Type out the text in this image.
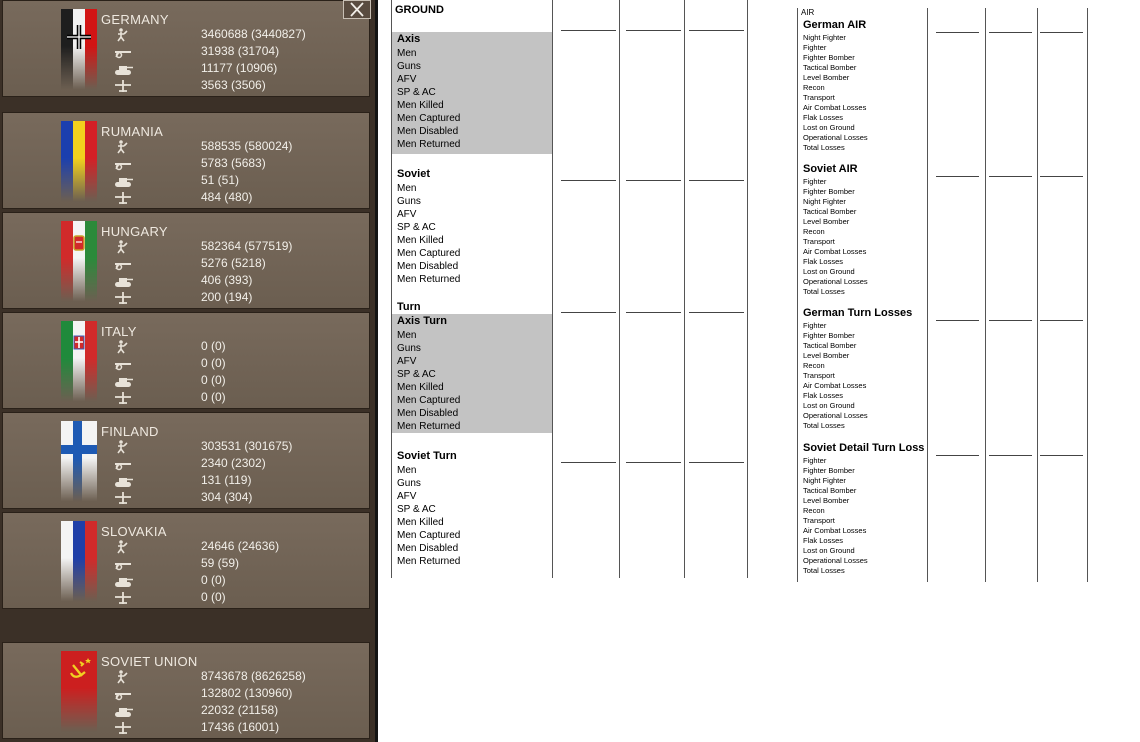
GERMANY
3460688 (3440827)
31938 (31704)
11177 (10906)
3563 (3506)
RUMANIA
588535 (580024)
5783 (5683)
51 (51)
484 (480)
HUNGARY
582364 (577519)
5276 (5218)
406 (393)
200 (194)
ITALY
0 (0)
0 (0)
0 (0)
0 (0)
FINLAND
303531 (301675)
2340 (2302)
131 (119)
304 (304)
SLOVAKIA
24646 (24636)
59 (59)
0 (0)
0 (0)
SOVIET UNION
8743678 (8626258)
132802 (130960)
22032 (21158)
17436 (16001)
GROUND
Axis
Men
Guns
AFV
SP & AC
Men Killed
Men Captured
Men Disabled
Men Returned
Soviet
Men
Guns
AFV
SP & AC
Men Killed
Men Captured
Men Disabled
Men Returned
Turn
Axis Turn
Men
Guns
AFV
SP & AC
Men Killed
Men Captured
Men Disabled
Men Returned
Soviet Turn
Men
Guns
AFV
SP & AC
Men Killed
Men Captured
Men Disabled
Men Returned
AIR
German AIR
Night Fighter
Fighter
Fighter Bomber
Tactical Bomber
Level Bomber
Recon
Transport
Air Combat Losses
Flak Losses
Lost on Ground
Operational Losses
Total Losses
Soviet AIR
Fighter
Fighter Bomber
Night Fighter
Tactical Bomber
Level Bomber
Recon
Transport
Air Combat Losses
Flak Losses
Lost on Ground
Operational Losses
Total Losses
German Turn Losses
Fighter
Fighter Bomber
Tactical Bomber
Level Bomber
Recon
Transport
Air Combat Losses
Flak Losses
Lost on Ground
Operational Losses
Total Losses
Soviet Detail Turn Loss
Fighter
Fighter Bomber
Night Fighter
Tactical Bomber
Level Bomber
Recon
Transport
Air Combat Losses
Flak Losses
Lost on Ground
Operational Losses
Total Losses
